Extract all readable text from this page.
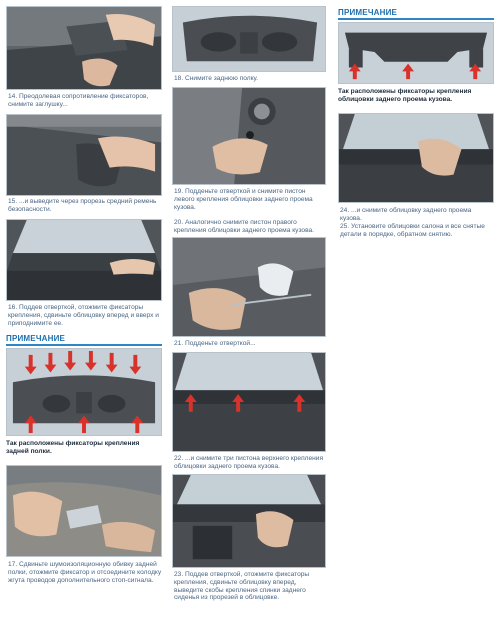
14. Преодолевая сопротивление фиксаторов, снимите заглушку...
15. ...и выведите через прорезь средний ремень безопасности.
16. Поддев отверткой, отожмите фиксаторы крепления, сдвиньте облицовку вперед и вверх и приподнимите ее.
ПРИМЕЧАНИЕ
Так расположены фиксаторы крепления задней полки.
17. Сдвиньте шумоизоляционную обивку задней полки, отожмите фиксатор и отсоедините колодку жгута проводов дополнительного стоп-сигнала.
18. Снимите заднюю полку.
19. Подденьте отверткой и снимите пистон левого крепления облицовки заднего проема кузова.
20. Аналогично снимите пистон правого крепления облицовки заднего проема кузова.
21. Подденьте отверткой...
22. ...и снимите три пистона верхнего крепления облицовки заднего проема кузова.
23. Поддев отверткой, отожмите фиксаторы крепления, сдвиньте облицовку вперед, выведите скобы крепления спинки заднего сиденья из прорезей в облицовке.
ПРИМЕЧАНИЕ
Так расположены фиксаторы крепления облицовки заднего проема кузова.
24. ...и снимите облицовку заднего проема кузова.
25. Установите облицовки салона и все снятые детали в порядке, обратном снятию.
